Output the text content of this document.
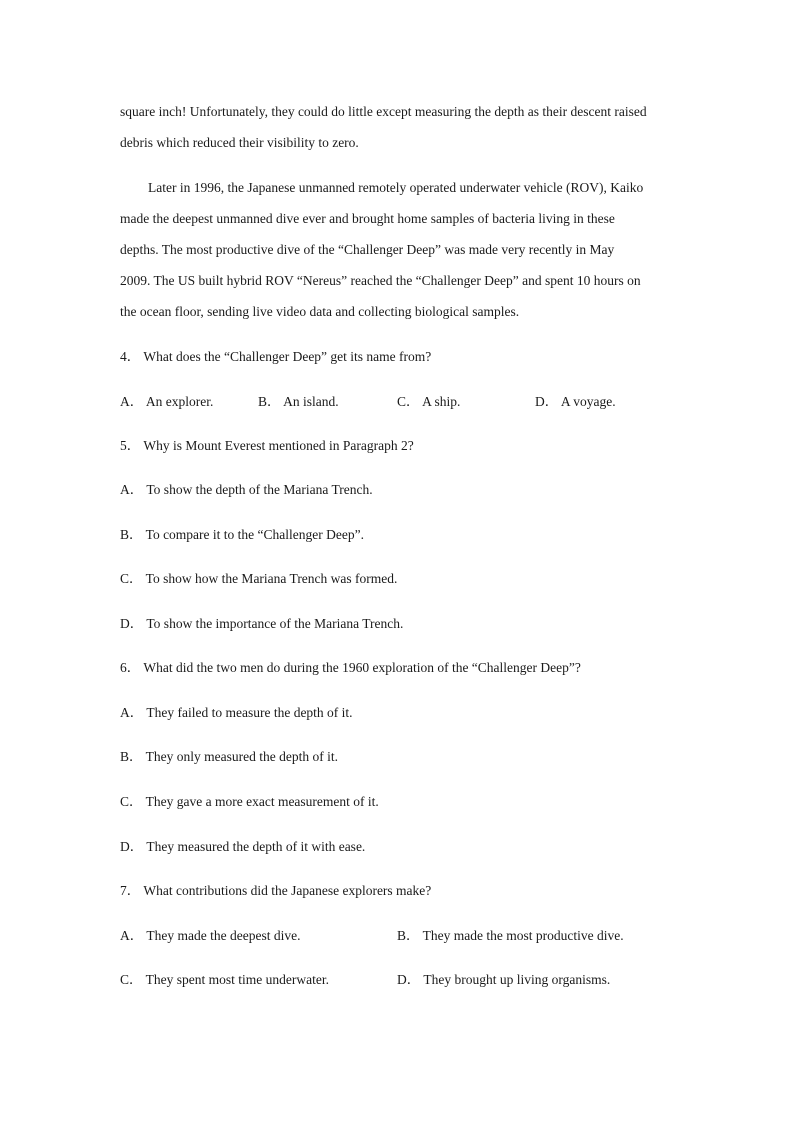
square inch! Unfortunately, they could do little except measuring the depth as their descent raised
debris which reduced their visibility to zero.
Later in 1996, the Japanese unmanned remotely operated underwater vehicle (ROV), Kaiko
made the deepest unmanned dive ever and brought home samples of bacteria living in these
depths. The most productive dive of the “Challenger Deep” was made very recently in May
2009. The US built hybrid ROV “Nereus” reached the “Challenger Deep” and spent 10 hours on
the ocean floor, sending live video data and collecting biological samples.
4． What does the “Challenger Deep” get its name from?
A． An explorer.	B． An island.	C． A ship.	D． A voyage.
5． Why is Mount Everest mentioned in Paragraph 2?
A． To show the depth of the Mariana Trench.
B． To compare it to the “Challenger Deep”.
C． To show how the Mariana Trench was formed.
D． To show the importance of the Mariana Trench.
6． What did the two men do during the 1960 exploration of the “Challenger Deep”?
A． They failed to measure the depth of it.
B． They only measured the depth of it.
C． They gave a more exact measurement of it.
D． They measured the depth of it with ease.
7． What contributions did the Japanese explorers make?
A． They made the deepest dive.	B． They made the most productive dive.
C． They spent most time underwater.	D． They brought up living organisms.
